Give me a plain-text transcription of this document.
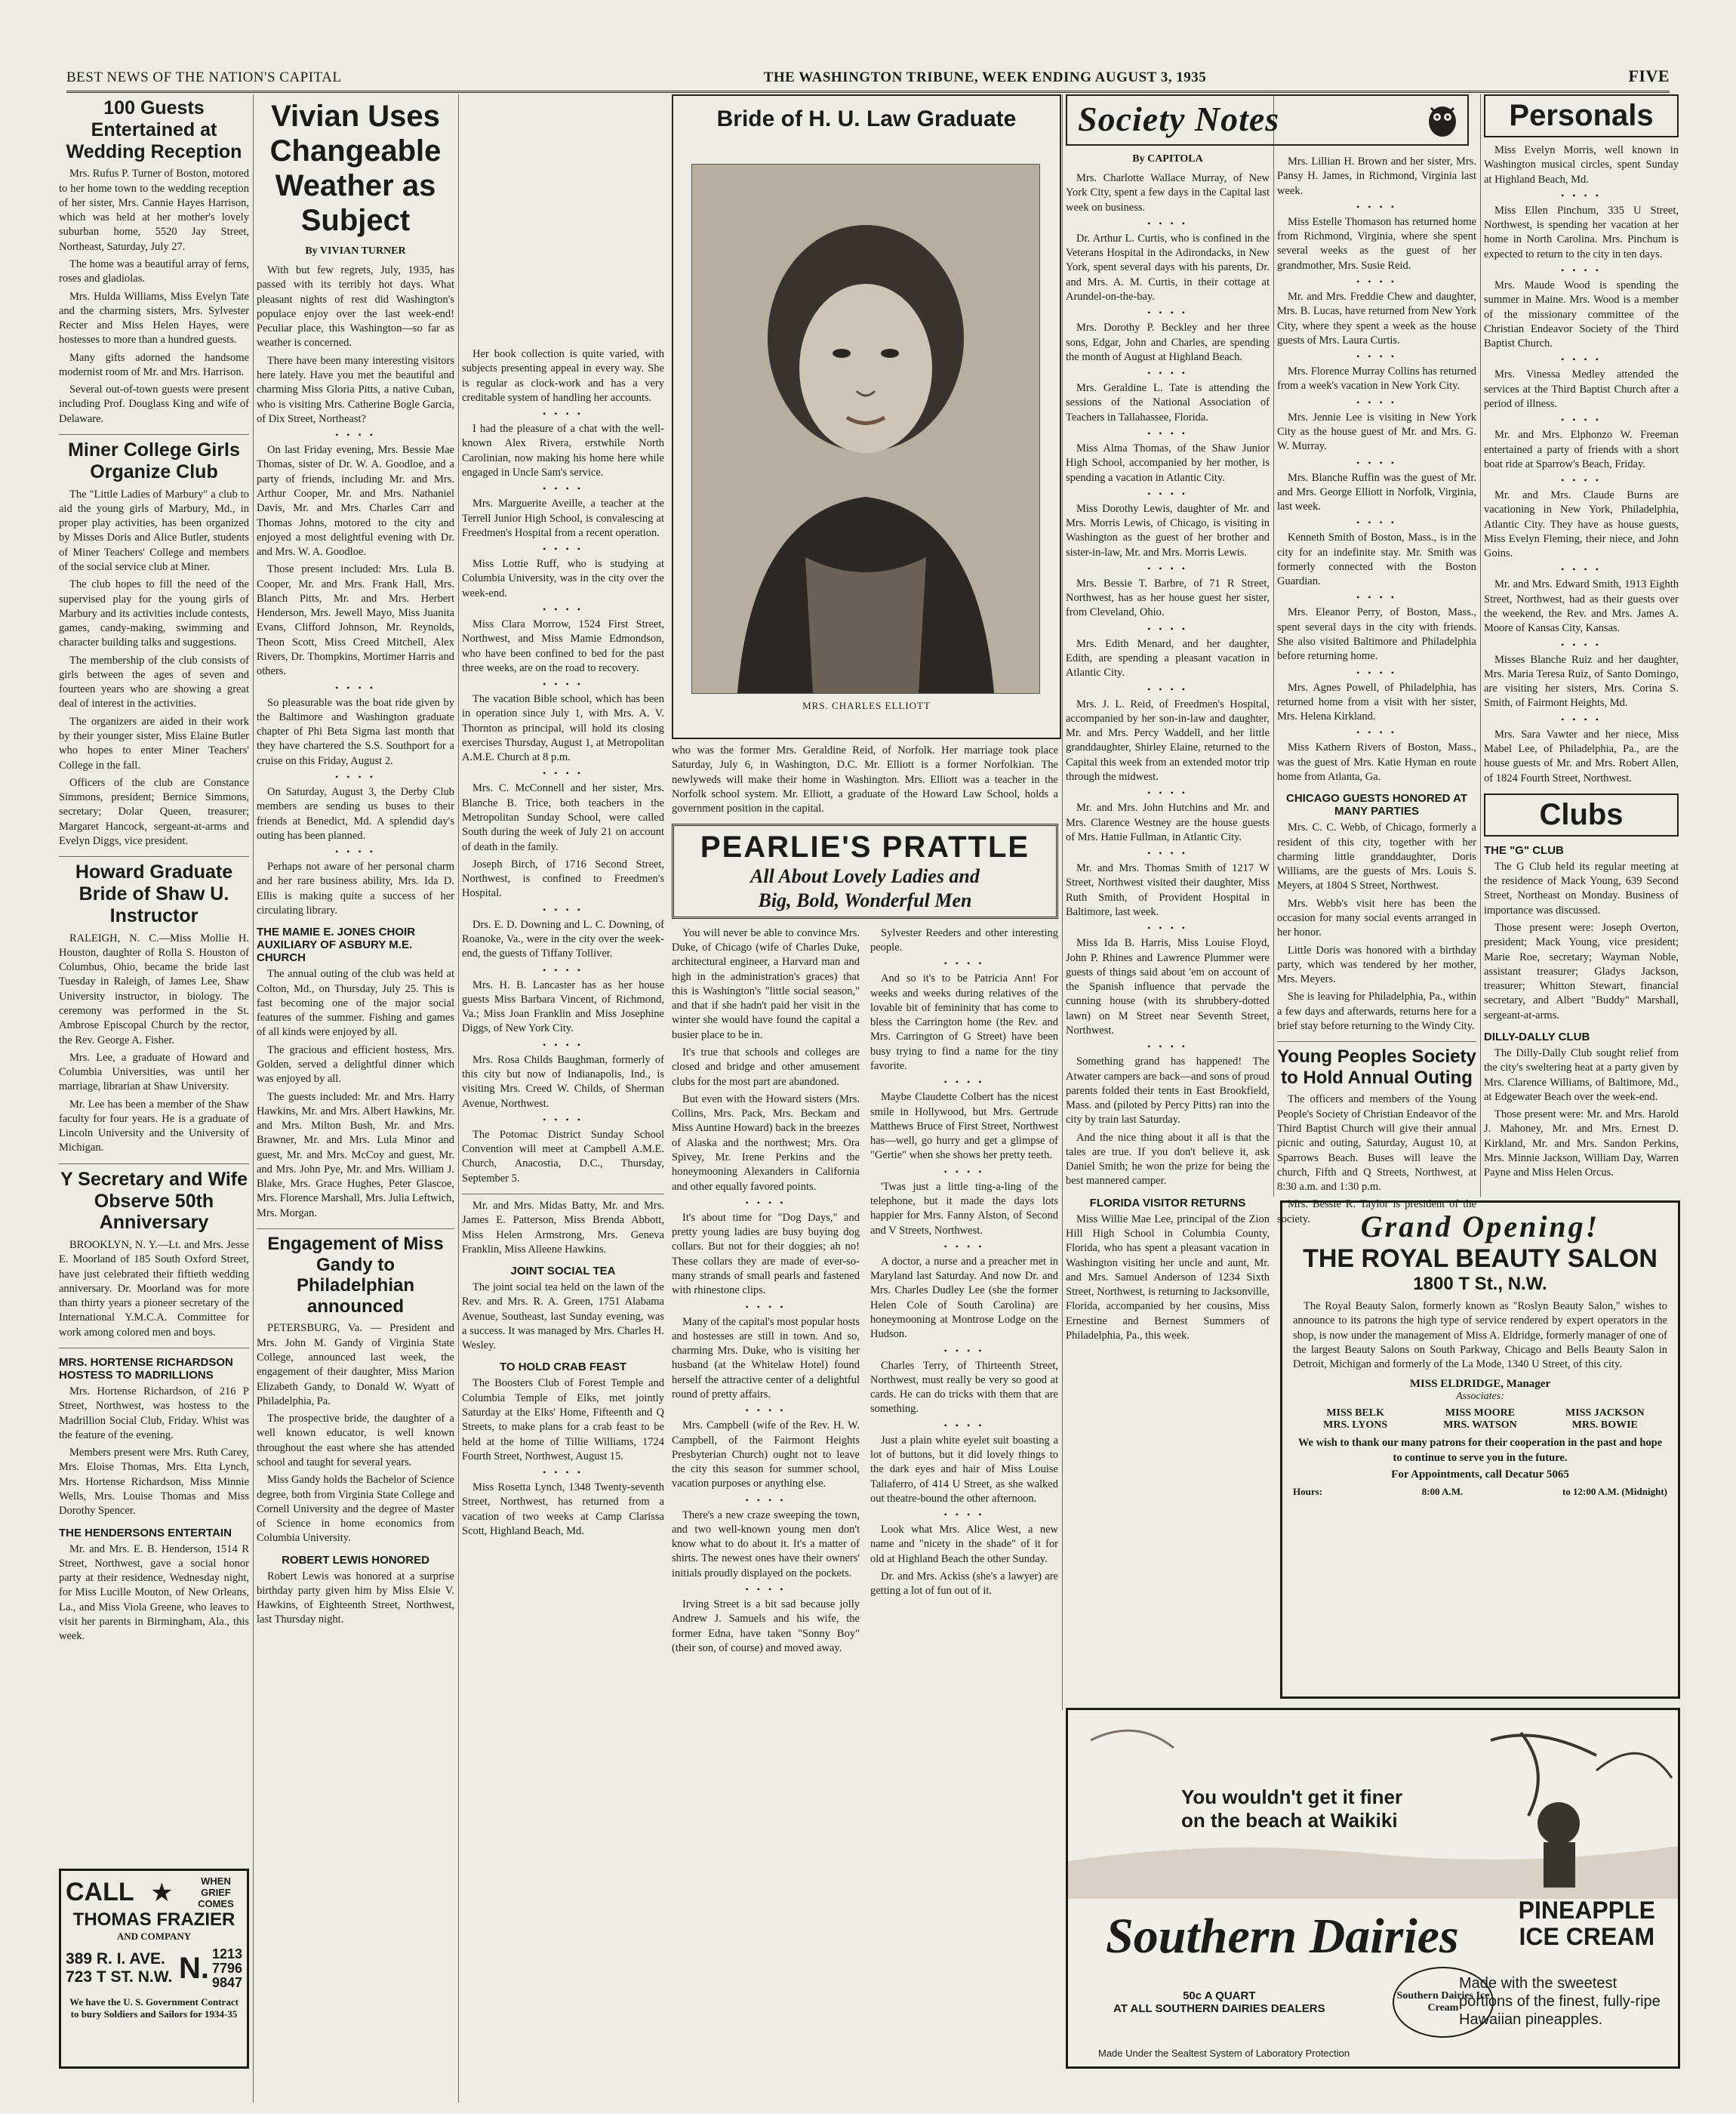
BEST NEWS OF THE NATION'S CAPITAL	THE WASHINGTON TRIBUNE, WEEK ENDING AUGUST 3, 1935	FIVE
100 Guests Entertained at Wedding Reception

Mrs. Rufus P. Turner of Boston, motored to her home town to the wedding reception of her sister, Mrs. Cannie Hayes Harrison, which was held at her mother's lovely suburban home, 5520 Jay Street, Northeast, Saturday, July 27.

The home was a beautiful array of ferns, roses and gladiolas.

Mrs. Hulda Williams, Miss Evelyn Tate and the charming sisters, Mrs. Sylvester Recter and Miss Helen Hayes, were hostesses to more than a hundred guests.

Many gifts adorned the handsome modernist room of Mr. and Mrs. Harrison.

Several out-of-town guests were present including Prof. Douglass King and wife of Delaware.

Miner College Girls Organize Club

The "Little Ladies of Marbury" a club to aid the young girls of Marbury, Md., in proper play activities, has been organized by Misses Doris and Alice Butler, students of Miner Teachers' College and members of the social service club at Miner.

The club hopes to fill the need of the supervised play for the young girls of Marbury and its activities include contests, games, candy-making, swimming and character building talks and suggestions.

The membership of the club consists of girls between the ages of seven and fourteen years who are showing a great deal of interest in the activities.

The organizers are aided in their work by their younger sister, Miss Elaine Butler who hopes to enter Miner Teachers' College in the fall.

Officers of the club are Constance Simmons, president; Bernice Simmons, secretary; Dolar Queen, treasurer; Margaret Hancock, sergeant-at-arms and Evelyn Diggs, vice president.

Howard Graduate Bride of Shaw U. Instructor

RALEIGH, N. C.—Miss Mollie H. Houston, daughter of Rolla S. Houston of Columbus, Ohio, became the bride last Tuesday in Raleigh, of James Lee, Shaw University instructor, in biology. The ceremony was performed in the St. Ambrose Episcopal Church by the rector, the Rev. George A. Fisher.

Mrs. Lee, a graduate of Howard and Columbia Universities, was until her marriage, librarian at Shaw University.

Mr. Lee has been a member of the Shaw faculty for four years. He is a graduate of Lincoln University and the University of Michigan.

Y Secretary and Wife Observe 50th Anniversary

BROOKLYN, N. Y.—Lt. and Mrs. Jesse E. Moorland of 185 South Oxford Street, have just celebrated their fiftieth wedding anniversary. Dr. Moorland was for more than thirty years a pioneer secretary of the International Y.M.C.A. Committee for work among colored men and boys.

MRS. HORTENSE RICHARDSON HOSTESS TO MADRILLIONS

Mrs. Hortense Richardson, of 216 P Street, Northwest, was hostess to the Madrillion Social Club, Friday. Whist was the feature of the evening.

Members present were Mrs. Ruth Carey, Mrs. Eloise Thomas, Mrs. Etta Lynch, Mrs. Hortense Richardson, Miss Minnie Wells, Mrs. Louise Thomas and Miss Dorothy Spencer.

THE HENDERSONS ENTERTAIN

Mr. and Mrs. E. B. Henderson, 1514 R Street, Northwest, gave a social honor party at their residence, Wednesday night, for Miss Lucille Mouton, of New Orleans, La., and Miss Viola Greene, who leaves to visit her parents in Birmingham, Ala., this week.

CALL ★	WHEN GRIEF COMES
THOMAS FRAZIER
AND COMPANY
389 R. I. AVE.
723 T ST. N.W. N. 1213
7796
9847
We have the U. S. Government Contract to bury Soldiers and Sailors for 1934-35
Vivian Uses Changeable Weather as Subject
By VIVIAN TURNER

With but few regrets, July, 1935, has passed with its terribly hot days. What pleasant nights of rest did Washington's populace enjoy over the last week-end! Peculiar place, this Washington—so far as weather is concerned.

There have been many interesting visitors here lately. Have you met the beautiful and charming Miss Gloria Pitts, a native Cuban, who is visiting Mrs. Catherine Bogle Garcia, of Dix Street, Northeast?

• • • •

On last Friday evening, Mrs. Bessie Mae Thomas, sister of Dr. W. A. Goodloe, and a party of friends, including Mr. and Mrs. Arthur Cooper, Mr. and Mrs. Nathaniel Davis, Mr. and Mrs. Charles Carr and Thomas Johns, motored to the city and enjoyed a most delightful evening with Dr. and Mrs. W. A. Goodloe.

Those present included: Mrs. Lula B. Cooper, Mr. and Mrs. Frank Hall, Mrs. Blanch Pitts, Mr. and Mrs. Herbert Henderson, Mrs. Jewell Mayo, Miss Juanita Evans, Clifford Johnson, Mr. Reynolds, Theon Scott, Miss Creed Mitchell, Alex Rivers, Dr. Thompkins, Mortimer Harris and others.

• • • •

So pleasurable was the boat ride given by the Baltimore and Washington graduate chapter of Phi Beta Sigma last month that they have chartered the S.S. Southport for a cruise on this Friday, August 2.

• • • •

On Saturday, August 3, the Derby Club members are sending us buses to their friends at Benedict, Md. A splendid day's outing has been planned.

• • • •

Perhaps not aware of her personal charm and her rare business ability, Mrs. Ida D. Ellis is making quite a success of her circulating library.

THE MAMIE E. JONES CHOIR AUXILIARY OF ASBURY M.E. CHURCH

The annual outing of the club was held at Colton, Md., on Thursday, July 25. This is fast becoming one of the major social features of the summer. Fishing and games of all kinds were enjoyed by all.

The gracious and efficient hostess, Mrs. Golden, served a delightful dinner which was enjoyed by all.

The guests included: Mr. and Mrs. Harry Hawkins, Mr. and Mrs. Albert Hawkins, Mr. and Mrs. Milton Bush, Mr. and Mrs. Brawner, Mr. and Mrs. Lula Minor and guest, Mr. and Mrs. McCoy and guest, Mr. and Mrs. John Pye, Mr. and Mrs. William J. Blake, Mrs. Grace Hughes, Peter Glascoe, Mrs. Florence Marshall, Mrs. Julia Leftwich, Mrs. Morgan.

Engagement of Miss Gandy to Philadelphian announced

PETERSBURG, Va. — President and Mrs. John M. Gandy of Virginia State College, announced last week, the engagement of their daughter, Miss Marion Elizabeth Gandy, to Donald W. Wyatt of Philadelphia, Pa.

The prospective bride, the daughter of a well known educator, is well known throughout the east where she has attended school and taught for several years.

Miss Gandy holds the Bachelor of Science degree, both from Virginia State College and Cornell University and the degree of Master of Science in home economics from Columbia University.

ROBERT LEWIS HONORED

Robert Lewis was honored at a surprise birthday party given him by Miss Elsie V. Hawkins, of Eighteenth Street, Northwest, last Thursday night.

Her book collection is quite varied, with subjects presenting appeal in every way. She is regular as clock-work and has a very creditable system of handling her accounts.

• • • •

I had the pleasure of a chat with the well-known Alex Rivera, erstwhile North Carolinian, now making his home here while engaged in Uncle Sam's service.

• • • •

Mrs. Marguerite Aveille, a teacher at the Terrell Junior High School, is convalescing at Freedmen's Hospital from a recent operation.

• • • •

Miss Lottie Ruff, who is studying at Columbia University, was in the city over the week-end.

• • • •

Miss Clara Morrow, 1524 First Street, Northwest, and Miss Mamie Edmondson, who have been confined to bed for the past three weeks, are on the road to recovery.

• • • •

The vacation Bible school, which has been in operation since July 1, with Mrs. A. V. Thornton as principal, will hold its closing exercises Thursday, August 1, at Metropolitan A.M.E. Church at 8 p.m.

• • • •

Mrs. C. McConnell and her sister, Mrs. Blanche B. Trice, both teachers in the Metropolitan Sunday School, were called South during the week of July 21 on account of death in the family.

Joseph Birch, of 1716 Second Street, Northwest, is confined to Freedmen's Hospital.

• • • •

Drs. E. D. Downing and L. C. Downing, of Roanoke, Va., were in the city over the week-end, the guests of Tiffany Tolliver.

• • • •

Mrs. H. B. Lancaster has as her house guests Miss Barbara Vincent, of Richmond, Va.; Miss Joan Franklin and Miss Josephine Diggs, of New York City.

• • • •

Mrs. Rosa Childs Baughman, formerly of this city but now of Indianapolis, Ind., is visiting Mrs. Creed W. Childs, of Sherman Avenue, Northwest.

• • • •

The Potomac District Sunday School Convention will meet at Campbell A.M.E. Church, Anacostia, D.C., Thursday, September 5.

Mr. and Mrs. Midas Batty, Mr. and Mrs. James E. Patterson, Miss Brenda Abbott, Miss Helen Armstrong, Mrs. Geneva Franklin, Miss Alleene Hawkins.

JOINT SOCIAL TEA

The joint social tea held on the lawn of the Rev. and Mrs. R. A. Green, 1751 Alabama Avenue, Southeast, last Sunday evening, was a success. It was managed by Mrs. Charles H. Wesley.

TO HOLD CRAB FEAST

The Boosters Club of Forest Temple and Columbia Temple of Elks, met jointly Saturday at the Elks' Home, Fifteenth and Q Streets, to make plans for a crab feast to be held at the home of Tillie Williams, 1724 Fourth Street, Northwest, August 15.

• • • •

Miss Rosetta Lynch, 1348 Twenty-seventh Street, Northwest, has returned from a vacation of two weeks at Camp Clarissa Scott, Highland Beach, Md.

Bride of H. U. Law Graduate
MRS. CHARLES ELLIOTT

who was the former Mrs. Geraldine Reid, of Norfolk. Her marriage took place Saturday, July 6, in Washington, D.C. Mr. Elliott is a former Norfolkian. The newlyweds will make their home in Washington. Mrs. Elliott was a teacher in the Norfolk school system. Mr. Elliott, a graduate of the Howard Law School, holds a government position in the capital.

PEARLIE'S PRATTLE
All About Lovely Ladies and
Big, Bold, Wonderful Men

You will never be able to convince Mrs. Duke, of Chicago (wife of Charles Duke, architectural engineer, a Harvard man and high in the administration's graces) that this is Washington's "little social season," and that if she hadn't paid her visit in the winter she would have found the capital a busier place to be in.

It's true that schools and colleges are closed and bridge and other amusement clubs for the most part are abandoned.

But even with the Howard sisters (Mrs. Collins, Mrs. Pack, Mrs. Beckam and Miss Auntine Howard) back in the breezes of Alaska and the northwest; Mrs. Ora Spivey, Mr. Irene Perkins and the honeymooning Alexanders in California and other equally favored points.

• • • •

It's about time for "Dog Days," and pretty young ladies are busy buying dog collars. But not for their doggies; ah no! These collars they are made of ever-so-many strands of small pearls and fastened with rhinestone clips.

• • • •

Many of the capital's most popular hosts and hostesses are still in town. And so, charming Mrs. Duke, who is visiting her husband (at the Whitelaw Hotel) found herself the attractive center of a delightful round of pretty affairs.

• • • •

Mrs. Campbell (wife of the Rev. H. W. Campbell, of the Fairmont Heights Presbyterian Church) ought not to leave the city this season for summer school, vacation purposes or anything else.

• • • •

There's a new craze sweeping the town, and two well-known young men don't know what to do about it. It's a matter of shirts. The newest ones have their owners' initials proudly displayed on the pockets.

• • • •

Irving Street is a bit sad because jolly Andrew J. Samuels and his wife, the former Edna, have taken "Sonny Boy" (their son, of course) and moved away.

Sylvester Reeders and other interesting people.

• • • •

And so it's to be Patricia Ann! For weeks and weeks during relatives of the lovable bit of femininity that has come to bless the Carrington home (the Rev. and Mrs. Carrington of G Street) have been busy trying to find a name for the tiny favorite.

• • • •

Maybe Claudette Colbert has the nicest smile in Hollywood, but Mrs. Gertrude Matthews Bruce of First Street, Northwest has—well, go hurry and get a glimpse of "Gertie" when she shows her pretty teeth.

• • • •

'Twas just a little ting-a-ling of the telephone, but it made the days lots happier for Mrs. Fanny Alston, of Second and V Streets, Northwest.

• • • •

A doctor, a nurse and a preacher met in Maryland last Saturday. And now Dr. and Mrs. Charles Dudley Lee (she the former Helen Cole of South Carolina) are honeymooning at Montrose Lodge on the Hudson.

• • • •

Charles Terry, of Thirteenth Street, Northwest, must really be very so good at cards. He can do tricks with them that are something.

• • • •

Just a plain white eyelet suit boasting a lot of buttons, but it did lovely things to the dark eyes and hair of Miss Louise Taliaferro, of 414 U Street, as she walked out theatre-bound the other afternoon.

• • • •

Look what Mrs. Alice West, a new name and "nicety in the shade" of it for old at Highland Beach the other Sunday.

Dr. and Mrs. Ackiss (she's a lawyer) are getting a lot of fun out of it.

Society Notes
By CAPITOLA

Mrs. Charlotte Wallace Murray, of New York City, spent a few days in the Capital last week on business.

• • • •

Dr. Arthur L. Curtis, who is confined in the Veterans Hospital in the Adirondacks, in New York, spent several days with his parents, Dr. and Mrs. A. M. Curtis, in their cottage at Arundel-on-the-bay.

• • • •

Mrs. Dorothy P. Beckley and her three sons, Edgar, John and Charles, are spending the month of August at Highland Beach.

• • • •

Mrs. Geraldine L. Tate is attending the sessions of the National Association of Teachers in Tallahassee, Florida.

• • • •

Miss Alma Thomas, of the Shaw Junior High School, accompanied by her mother, is spending a vacation in Atlantic City.

• • • •

Miss Dorothy Lewis, daughter of Mr. and Mrs. Morris Lewis, of Chicago, is visiting in Washington as the guest of her brother and sister-in-law, Mr. and Mrs. Morris Lewis.

• • • •

Mrs. Bessie T. Barbre, of 71 R Street, Northwest, has as her house guest her sister, from Cleveland, Ohio.

• • • •

Mrs. Edith Menard, and her daughter, Edith, are spending a pleasant vacation in Atlantic City.

• • • •

Mrs. J. L. Reid, of Freedmen's Hospital, accompanied by her son-in-law and daughter, Mr. and Mrs. Percy Waddell, and her little granddaughter, Shirley Elaine, returned to the Capital this week from an extended motor trip through the midwest.

• • • •

Mr. and Mrs. John Hutchins and Mr. and Mrs. Clarence Westney are the house guests of Mrs. Hattie Fullman, in Atlantic City.

• • • •

Mr. and Mrs. Thomas Smith of 1217 W Street, Northwest visited their daughter, Miss Ruth Smith, of Provident Hospital in Baltimore, last week.

• • • •

Miss Ida B. Harris, Miss Louise Floyd, John P. Rhines and Lawrence Plummer were guests of things said about 'em on account of the Spanish influence that pervade the cunning house (with its shrubbery-dotted lawn) on M Street near Seventh Street, Northwest.

• • • •

Something grand has happened! The Atwater campers are back—and sons of proud parents folded their tents in East Brookfield, Mass. and (piloted by Percy Pitts) ran into the city by train last Saturday.

And the nice thing about it all is that the tales are true. If you don't believe it, ask Daniel Smith; he won the prize for being the best mannered camper.

FLORIDA VISITOR RETURNS

Miss Willie Mae Lee, principal of the Zion Hill High School in Columbia County, Florida, who has spent a pleasant vacation in Washington visiting her uncle and aunt, Mr. and Mrs. Samuel Anderson of 1234 Sixth Street, Northwest, is returning to Jacksonville, Florida, accompanied by her cousins, Miss Ernestine and Bernest Summers of Philadelphia, Pa., this week.

Mrs. Lillian H. Brown and her sister, Mrs. Pansy H. James, in Richmond, Virginia last week.

• • • •

Miss Estelle Thomason has returned home from Richmond, Virginia, where she spent several weeks as the guest of her grandmother, Mrs. Susie Reid.

• • • •

Mr. and Mrs. Freddie Chew and daughter, Mrs. B. Lucas, have returned from New York City, where they spent a week as the house guests of Mrs. Laura Curtis.

• • • •

Mrs. Florence Murray Collins has returned from a week's vacation in New York City.

• • • •

Mrs. Jennie Lee is visiting in New York City as the house guest of Mr. and Mrs. G. W. Murray.

• • • •

Mrs. Blanche Ruffin was the guest of Mr. and Mrs. George Elliott in Norfolk, Virginia, last week.

• • • •

Kenneth Smith of Boston, Mass., is in the city for an indefinite stay. Mr. Smith was formerly connected with the Boston Guardian.

• • • •

Mrs. Eleanor Perry, of Boston, Mass., spent several days in the city with friends. She also visited Baltimore and Philadelphia before returning home.

• • • •

Mrs. Agnes Powell, of Philadelphia, has returned home from a visit with her sister, Mrs. Helena Kirkland.

• • • •

Miss Kathern Rivers of Boston, Mass., was the guest of Mrs. Katie Hyman en route home from Atlanta, Ga.

CHICAGO GUESTS HONORED AT MANY PARTIES

Mrs. C. C. Webb, of Chicago, formerly a resident of this city, together with her charming little granddaughter, Doris Williams, are the guests of Mrs. Louis S. Meyers, at 1804 S Street, Northwest.

Mrs. Webb's visit here has been the occasion for many social events arranged in her honor.

Little Doris was honored with a birthday party, which was tendered by her mother, Mrs. Meyers.

She is leaving for Philadelphia, Pa., within a few days and afterwards, returns here for a brief stay before returning to the Windy City.

Young Peoples Society to Hold Annual Outing

The officers and members of the Young People's Society of Christian Endeavor of the Third Baptist Church will give their annual picnic and outing, Saturday, August 10, at Sparrows Beach. Buses will leave the church, Fifth and Q Streets, Northwest, at 8:30 a.m. and 1:30 p.m.

Mrs. Bessie R. Taylor is president of the society.

Personals

Miss Evelyn Morris, well known in Washington musical circles, spent Sunday at Highland Beach, Md.

• • • •

Miss Ellen Pinchum, 335 U Street, Northwest, is spending her vacation at her home in North Carolina. Mrs. Pinchum is expected to return to the city in ten days.

• • • •

Mrs. Maude Wood is spending the summer in Maine. Mrs. Wood is a member of the missionary committee of the Christian Endeavor Society of the Third Baptist Church.

• • • •

Mrs. Vinessa Medley attended the services at the Third Baptist Church after a period of illness.

• • • •

Mr. and Mrs. Elphonzo W. Freeman entertained a party of friends with a short boat ride at Sparrow's Beach, Friday.

• • • •

Mr. and Mrs. Claude Burns are vacationing in New York, Philadelphia, Atlantic City. They have as house guests, Miss Evelyn Fleming, their niece, and John Goins.

• • • •

Mr. and Mrs. Edward Smith, 1913 Eighth Street, Northwest, had as their guests over the weekend, the Rev. and Mrs. James A. Moore of Kansas City, Kansas.

• • • •

Misses Blanche Ruiz and her daughter, Mrs. Maria Teresa Ruiz, of Santo Domingo, are visiting her sisters, Mrs. Corina S. Smith, of Fairmont Heights, Md.

• • • •

Mrs. Sara Vawter and her niece, Miss Mabel Lee, of Philadelphia, Pa., are the house guests of Mr. and Mrs. Robert Allen, of 1824 Fourth Street, Northwest.

Clubs
THE "G" CLUB

The G Club held its regular meeting at the residence of Mack Young, 639 Second Street, Northeast on Monday. Business of importance was discussed.

Those present were: Joseph Overton, president; Mack Young, vice president; Marie Roe, secretary; Wayman Noble, assistant treasurer; Gladys Jackson, treasurer; Whitton Stewart, financial secretary, and Albert "Buddy" Marshall, sergeant-at-arms.

DILLY-DALLY CLUB

The Dilly-Dally Club sought relief from the city's sweltering heat at a party given by Mrs. Clarence Williams, of Baltimore, Md., at Edgewater Beach over the week-end.

Those present were: Mr. and Mrs. Harold J. Mahoney, Mr. and Mrs. Ernest D. Kirkland, Mr. and Mrs. Sandon Perkins, Mrs. Minnie Jackson, William Day, Warren Payne and Miss Helen Orcus.

Grand Opening!
THE ROYAL BEAUTY SALON
1800 T St., N.W.

The Royal Beauty Salon, formerly known as "Roslyn Beauty Salon," wishes to announce to its patrons the high type of service rendered by expert operators in the shop, is now under the management of Miss A. Eldridge, formerly manager of one of the largest Beauty Salons on South Parkway, Chicago and Bells Beauty Salon in Detroit, Michigan and formerly of the La Mode, 1340 U Street, of this city.

MISS ELDRIDGE, Manager
Associates:
MISS BELK	MISS MOORE	MISS JACKSON
MRS. LYONS	MRS. WATSON	MRS. BOWIE

We wish to thank our many patrons for their cooperation in the past and hope to continue to serve you in the future.

For Appointments, call Decatur 5065
Hours:	8:00 A.M.	to 12:00 A.M. (Midnight)
You wouldn't get it finer
on the beach at Waikiki
Southern Dairies PINEAPPLE
ICE CREAM
Made with the sweetest portions of the finest, fully-ripe Hawaiian pineapples.
50c A QUART
AT ALL SOUTHERN DAIRIES DEALERS
Southern Dairies Ice Cream
Made Under the Sealtest System of Laboratory Protection
